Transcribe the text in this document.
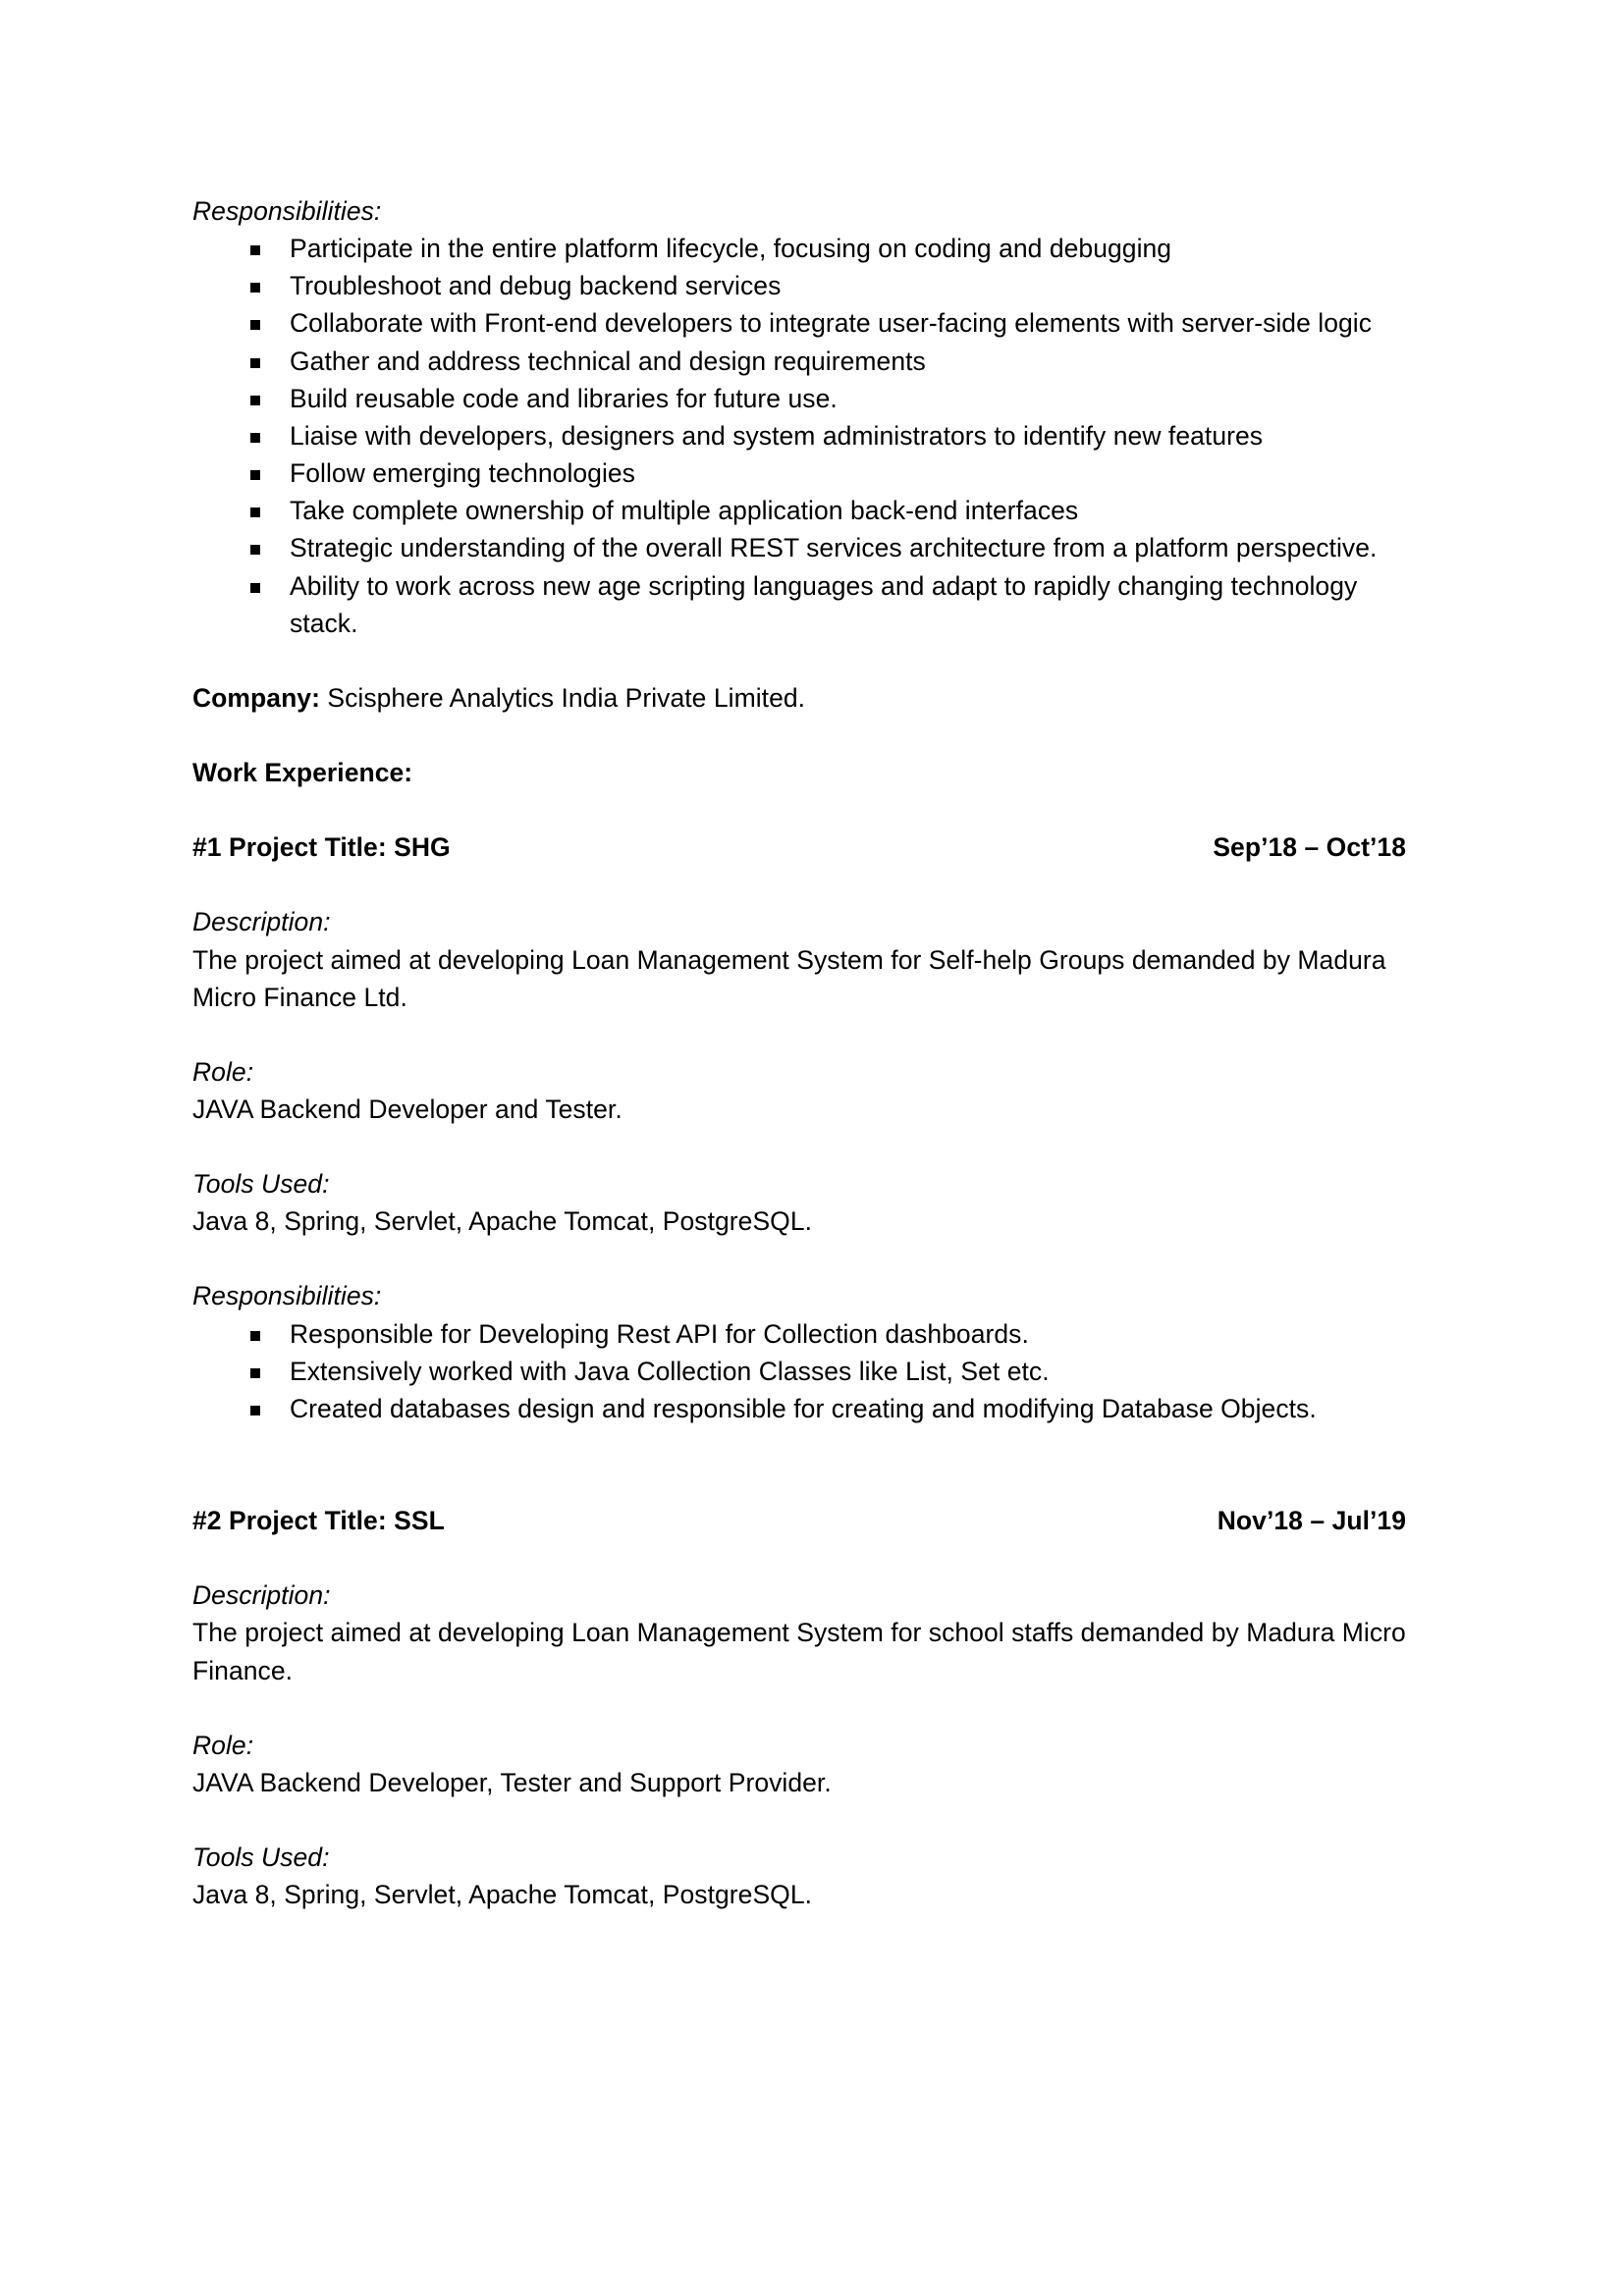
Responsibilities:

Participate in the entire platform lifecycle, focusing on coding and debugging
Troubleshoot and debug backend services
Collaborate with Front-end developers to integrate user-facing elements with server-side logic
Gather and address technical and design requirements
Build reusable code and libraries for future use.
Liaise with developers, designers and system administrators to identify new features
Follow emerging technologies
Take complete ownership of multiple application back-end interfaces
Strategic understanding of the overall REST services architecture from a platform perspective.
Ability to work across new age scripting languages and adapt to rapidly changing technology stack.

Company: Scisphere Analytics India Private Limited.

Work Experience:

#1 Project Title: SHG	Sep’18 – Oct’18

Description:

The project aimed at developing Loan Management System for Self-help Groups demanded by Madura Micro Finance Ltd.

Role:

JAVA Backend Developer and Tester.

Tools Used:

Java 8, Spring, Servlet, Apache Tomcat, PostgreSQL.

Responsibilities:

Responsible for Developing Rest API for Collection dashboards.
Extensively worked with Java Collection Classes like List, Set etc.
Created databases design and responsible for creating and modifying Database Objects.
#2 Project Title: SSL	Nov’18 – Jul’19

Description:

The project aimed at developing Loan Management System for school staffs demanded by Madura Micro Finance.

Role:

JAVA Backend Developer, Tester and Support Provider.

Tools Used:

Java 8, Spring, Servlet, Apache Tomcat, PostgreSQL.
